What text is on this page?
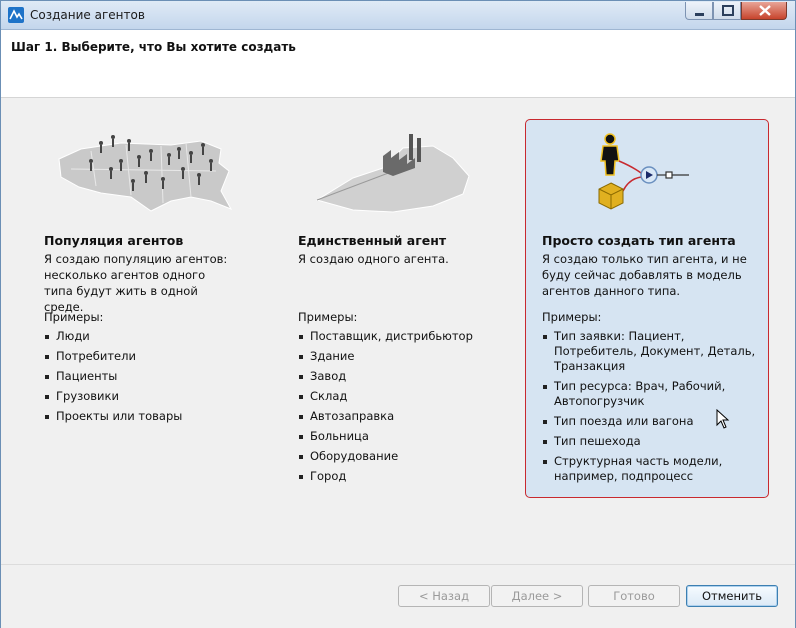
Создание агентов
Шаг 1. Выберите, что Вы хотите создать
Популяция агентов
Я создаю популяцию агентов: несколько агентов одного типа будут жить в одной среде.
Примеры:
Люди
Потребители
Пациенты
Грузовики
Проекты или товары
Единственный агент
Я создаю одного агента.
Примеры:
Поставщик, дистрибьютор
Здание
Завод
Склад
Автозаправка
Больница
Оборудование
Город
Просто создать тип агента
Я создаю только тип агента, и не буду сейчас добавлять в модель агентов данного типа.
Примеры:
Тип заявки: Пациент, Потребитель, Документ, Деталь, Транзакция
Тип ресурса: Врач, Рабочий, Автопогрузчик
Тип поезда или вагона
Тип пешехода
Структурная часть модели, например, подпроцесс
< Назад	Далее >	Готово	Отменить
